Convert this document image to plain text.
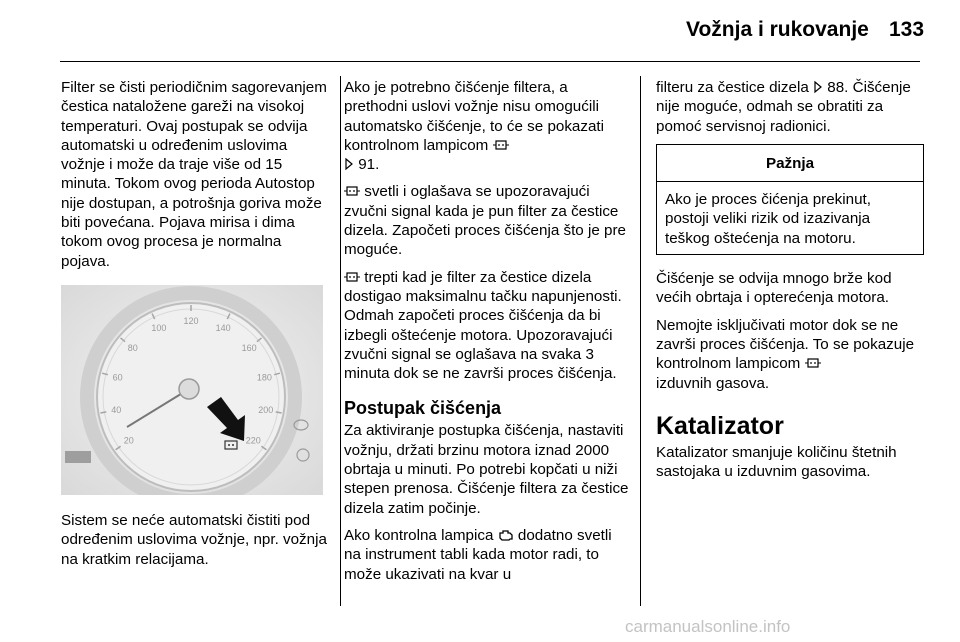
Vožnja i rukovanje 133

Filter se čisti periodičnim sagorevanjem čestica nataložene gareži na visokoj temperaturi. Ovaj postupak se odvija automatski u određenim uslovima vožnje i može da traje više od 15 minuta. Tokom ovog perioda Autostop nije dostupan, a potrošnja goriva može biti povećana. Pojava mirisa i dima tokom ovog procesa je normalna pojava.

20
40
60
80
100
120
140
160
180
200
220

Sistem se neće automatski čistiti pod određenim uslovima vožnje, npr. vožnja na kratkim relacijama.

Ako je potrebno čišćenje filtera, a prethodni uslovi vožnje nisu omogućili automatsko čišćenje, to će se pokazati kontrolnom lampicom
91.

svetli i oglašava se upozoravajući zvučni signal kada je pun filter za čestice dizela. Započeti proces čišćenja što je pre moguće.

trepti kad je filter za čestice dizela dostigao maksimalnu tačku napunjenosti. Odmah započeti proces čišćenja da bi izbegli oštećenje motora. Upozoravajući zvučni signal se oglašava na svaka 3 minuta dok se ne završi proces čišćenja.

Postupak čišćenja

Za aktiviranje postupka čišćenja, nastaviti vožnju, držati brzinu motora iznad 2000 obrtaja u minuti. Po potrebi kopčati u niži stepen prenosa. Čišćenje filtera za čestice dizela zatim počinje.

Ako kontrolna lampica dodatno svetli na instrument tabli kada motor radi, to može ukazivati na kvar u

filteru za čestice dizela 88. Čišćenje nije moguće, odmah se obratiti za pomoć servisnoj radionici.

Pažnja
Ako je proces čićenja prekinut, postoji veliki rizik od izazivanja teškog oštećenja na motoru.

Čišćenje se odvija mnogo brže kod većih obrtaja i opterećenja motora.

Nemojte isključivati motor dok se ne završi proces čišćenja. To se pokazuje kontrolnom lampicom
izduvnih gasova.

Katalizator

Katalizator smanjuje količinu štetnih sastojaka u izduvnim gasovima.

carmanualsonline.info
